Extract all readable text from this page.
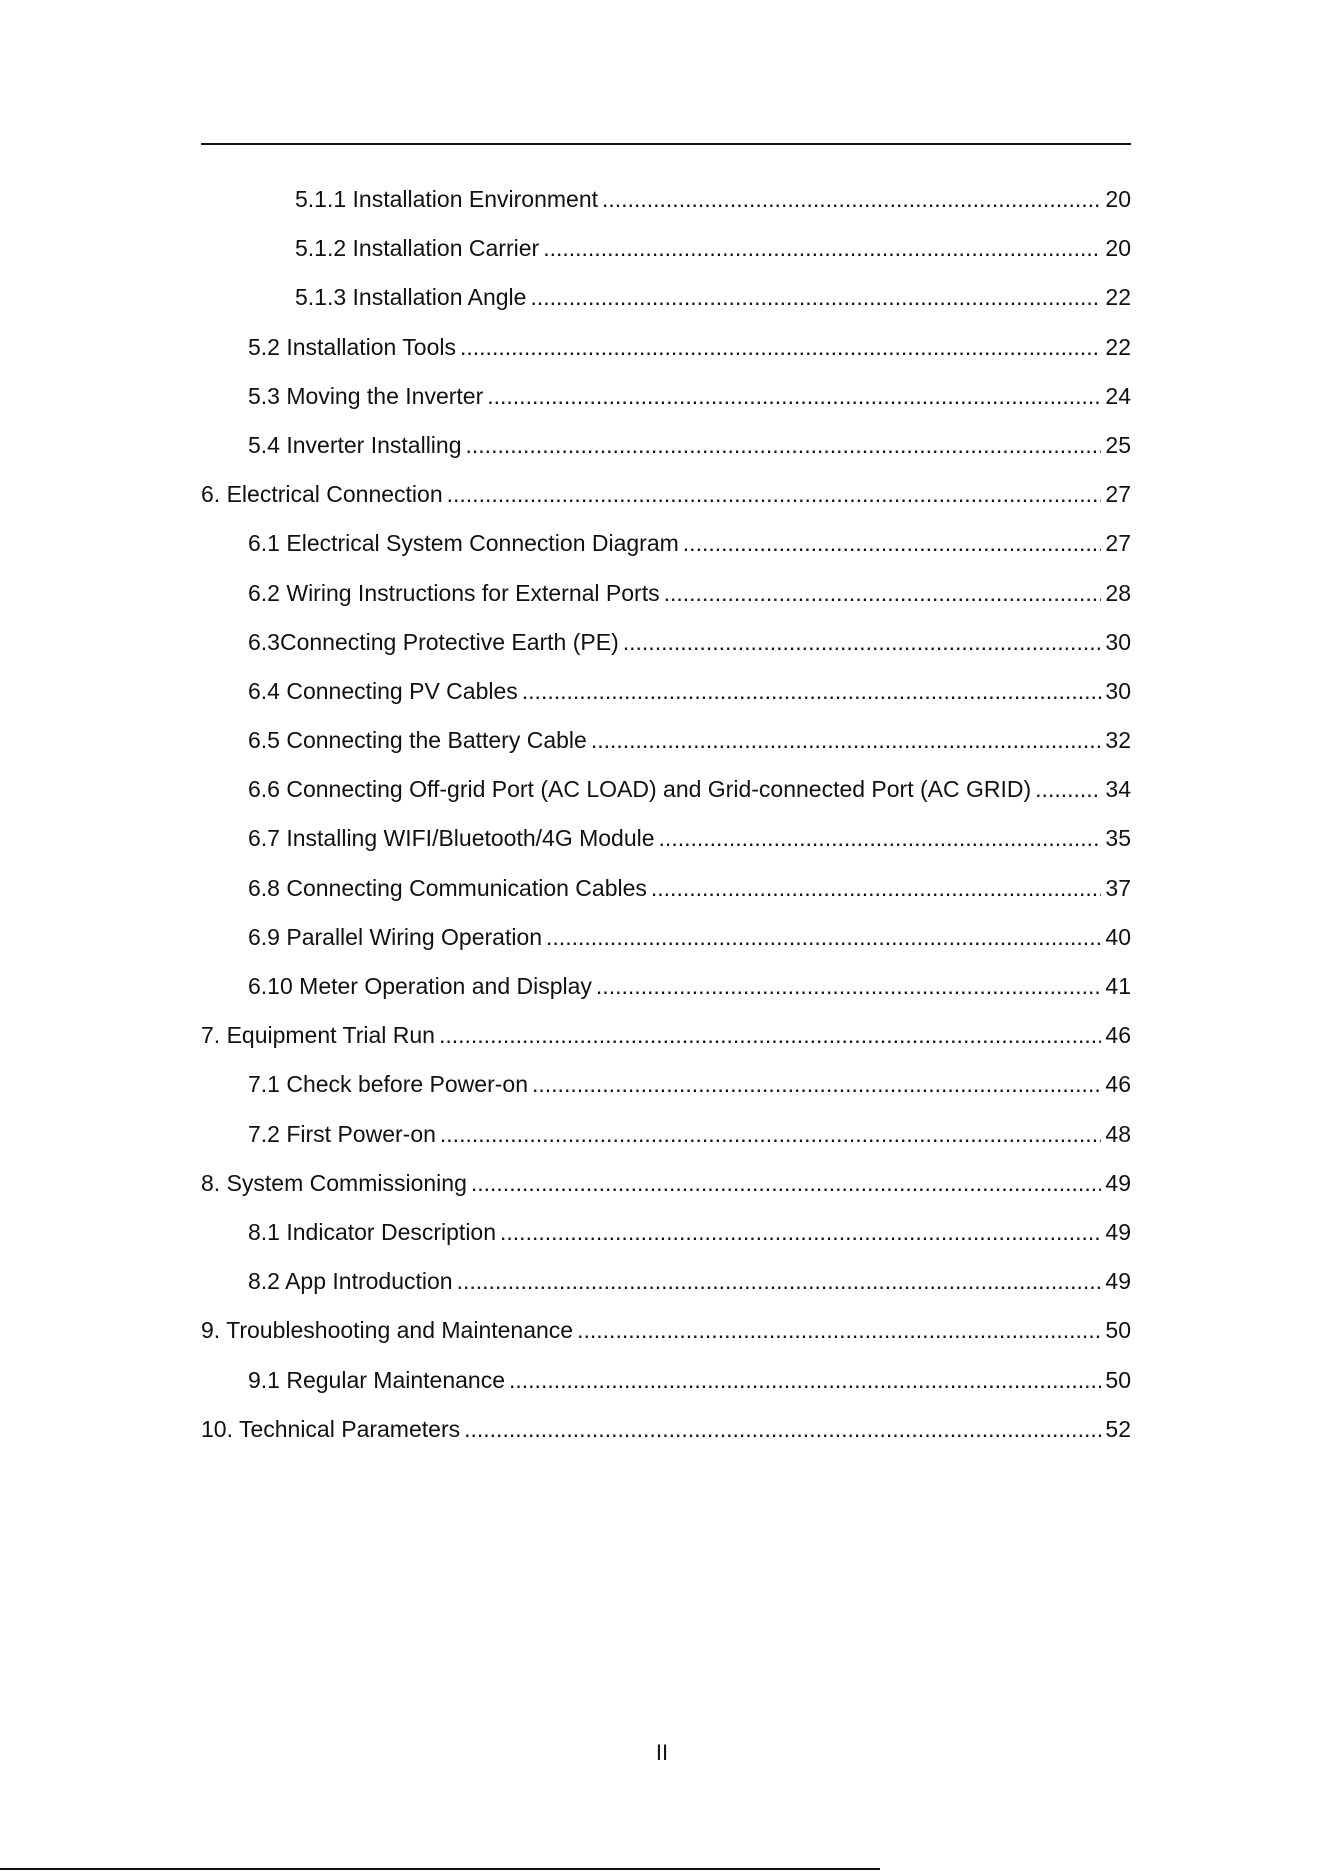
5.1.1 Installation Environment .....	20
5.1.2 Installation Carrier .....	20
5.1.3 Installation Angle .....	22
5.2 Installation Tools .....	22
5.3 Moving the Inverter .....	24
5.4 Inverter Installing .....	25
6. Electrical Connection .....	27
6.1 Electrical System Connection Diagram .....	27
6.2 Wiring Instructions for External Ports .....	28
6.3Connecting Protective Earth (PE) .....	30
6.4 Connecting PV Cables .....	30
6.5 Connecting the Battery Cable .....	32
6.6 Connecting Off-grid Port (AC LOAD) and Grid-connected Port (AC GRID) .....	34
6.7 Installing WIFI/Bluetooth/4G Module .....	35
6.8 Connecting Communication Cables .....	37
6.9 Parallel Wiring Operation .....	40
6.10 Meter Operation and Display .....	41
7. Equipment Trial Run .....	46
7.1 Check before Power-on .....	46
7.2 First Power-on .....	48
8. System Commissioning .....	49
8.1 Indicator Description .....	49
8.2 App Introduction .....	49
9. Troubleshooting and Maintenance .....	50
9.1 Regular Maintenance .....	50
10. Technical Parameters .....	52
II
